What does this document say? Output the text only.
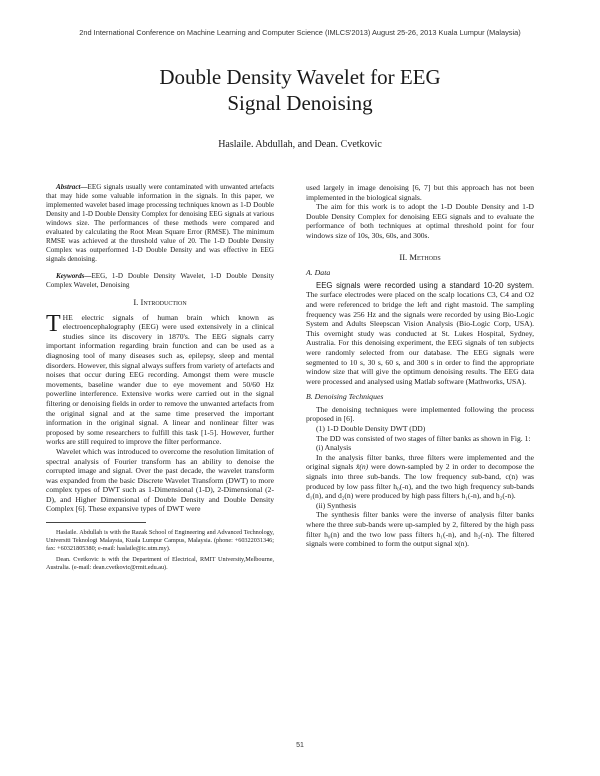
2nd International Conference on Machine Learning and Computer Science (IMLCS'2013) August 25-26, 2013 Kuala Lumpur (Malaysia)
Double Density Wavelet for EEG
Signal Denoising
Haslaile. Abdullah, and Dean. Cvetkovic

Abstract—EEG signals usually were contaminated with unwanted artefacts that may hide some valuable information in the signals. In this paper, we implemented wavelet based image processing techniques known as 1-D Double Density and 1-D Double Density Complex for denoising EEG signals at various windows size. The performances of these methods were compared and evaluated by calculating the Root Mean Square Error (RMSE). The minimum RMSE was achieved at the threshold value of 20. The 1-D Double Density Complex was outperformed 1-D Double Density and was effective in EEG signals denoising.

Keywords—EEG, 1-D Double Density Wavelet, 1-D Double Density Complex Wavelet, Denoising

I. Introduction

THE electric signals of human brain which known as electroencephalography (EEG) were used extensively in a clinical studies since its discovery in 1870's. The EEG signals carry important information regarding brain function and can be used as a diagnosing tool of many diseases such as, epilepsy, sleep and mental disorders. However, this signal always suffers from variety of artefacts and noises that occur during EEG recording. Amongst them were muscle movements, baseline wander due to eye movement and 50/60 Hz powerline interference. Extensive works were carried out in the signal filtering or denoising fields in order to remove the unwanted artefacts from the original signal and at the same time preserved the important information in the original signal. A linear and nonlinear filter was proposed by some researchers to fulfill this task [1-5]. However, further works are still required to improve the filter performance.

Wavelet which was introduced to overcome the resolution limitation of spectral analysis of Fourier transform has an ability to denoise the corrupted image and signal. Over the past decade, the wavelet transform was expanded from the basic Discrete Wavelet Transform (DWT) to more complex types of DWT such as 1-Dimensional (1-D), 2-Dimensional (2-D), and Higher Dimensional of Double Density and Double Density Complex [6]. These expansive types of DWT were

Haslaile. Abdullah is with the Razak School of Engineering and Advanced Technology, Universiti Teknologi Malaysia, Kuala Lumpur Campus, Malaysia. (phone: +60322031346; fax: +60321805380; e-mail: haslaile@ic.utm.my).

Dean. Cvetkovic is with the Department of Electrical, RMIT University,Melbourne, Australia. (e-mail: dean.cvetkovic@rmit.edu.au).

used largely in image denoising [6, 7] but this approach has not been implemented in the biological signals.

The aim for this work is to adopt the 1-D Double Density and 1-D Double Density Complex for denoising EEG signals and to evaluate the performance of both techniques at optimal threshold point for four windows size of 10s, 30s, 60s, and 300s.

II. Methods
A. Data

EEG signals were recorded using a standard 10-20 system. The surface electrodes were placed on the scalp locations C3, C4 and O2 and were referenced to bridge the left and right mastoid. The sampling frequency was 256 Hz and the signals were recorded by using Bio-Logic System and Adults Sleepscan Vision Analysis (Bio-Logic Corp, USA). This overnight study was conducted at St. Lukes Hospital, Sydney, Australia. For this denoising experiment, the EEG signals of ten subjects were randomly selected from our database. The EEG signals were segmented to 10 s, 30 s, 60 s, and 300 s in order to find the appropriate window size that will give the optimum denoising results. The EEG data were processed and analysed using Matlab software (Mathworks, USA).

B. Denoising Techniques

The denoising techniques were implemented following the process proposed in [6].

(1) 1-D Double Density DWT (DD)

The DD was consisted of two stages of filter banks as shown in Fig. 1:

(i) Analysis

In the analysis filter banks, three filters were implemented and the original signals x̂(n) were down-sampled by 2 in order to decompose the signals into three sub-bands. The low frequency sub-band, c(n) was produced by low pass filter h₀(-n), and the two high frequency sub-bands d₁(n), and d₂(n) were produced by high pass filters h₁(-n), and h₂(-n).

(ii) Synthesis

The synthesis filter banks were the inverse of analysis filter banks where the three sub-bands were up-sampled by 2, filtered by the high pass filter h₀(n) and the two low pass filters h₁(-n), and h₂(-n). The filtered signals were combined to form the output signal x(n).

51
